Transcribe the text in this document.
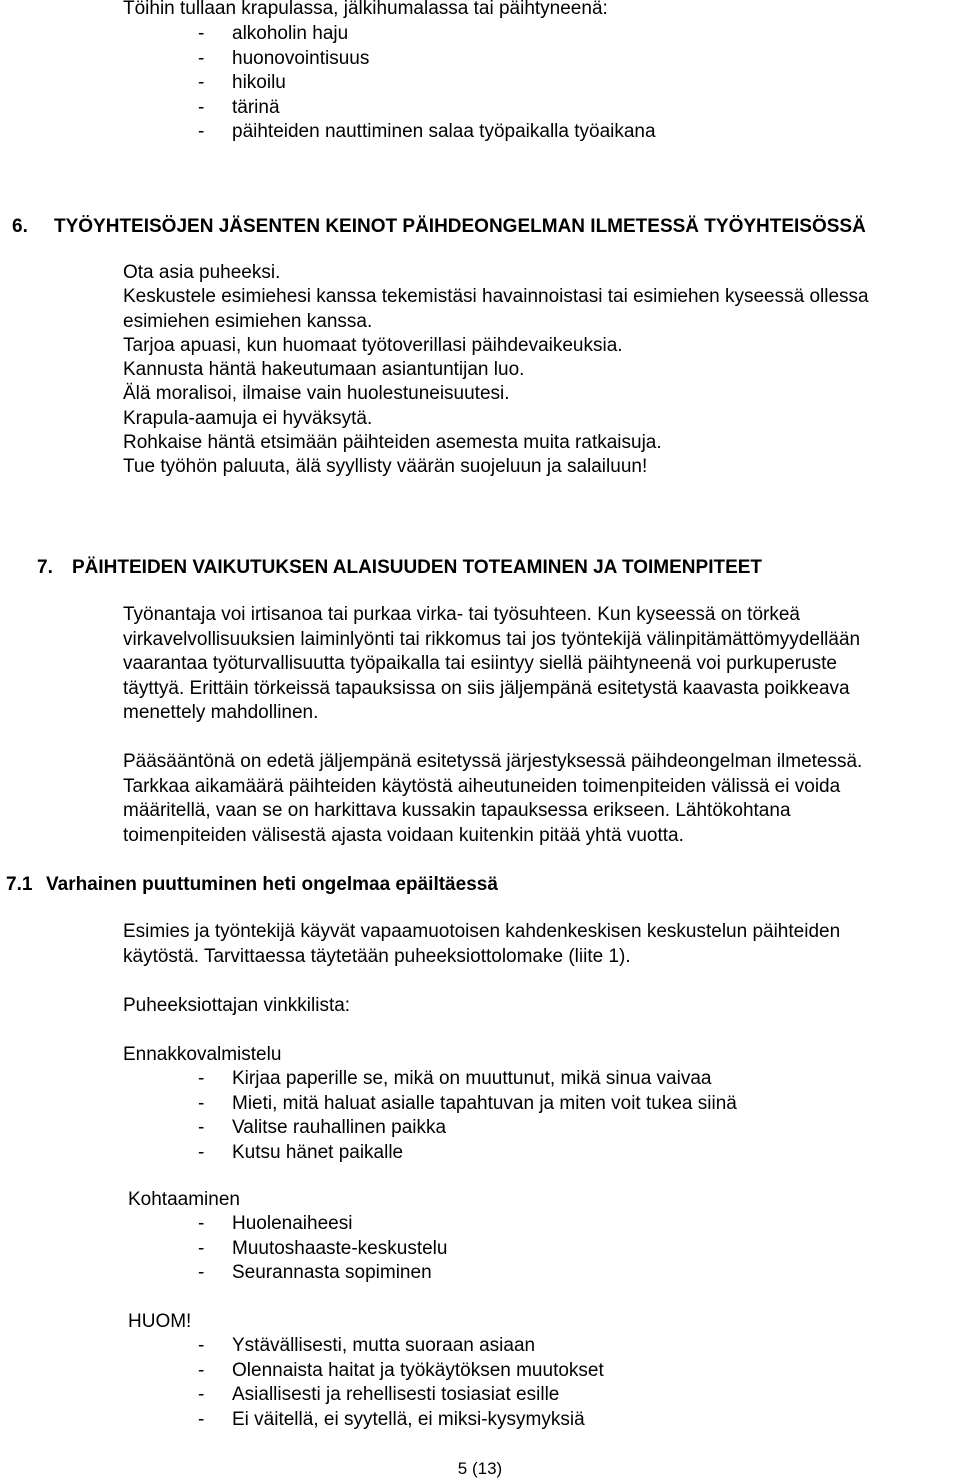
Töihin tullaan krapulassa, jälkihumalassa tai päihtyneenä:
- alkoholin haju
- huonovointisuus
- hikoilu
- tärinä
- päihteiden nauttiminen salaa työpaikalla työaikana
6. TYÖYHTEISÖJEN JÄSENTEN KEINOT PÄIHDEONGELMAN ILMETESSÄ TYÖYHTEISÖSSÄ
Ota asia puheeksi.
Keskustele esimiehesi kanssa tekemistäsi havainnoistasi tai esimiehen kyseessä ollessa
esimiehen esimiehen kanssa.
Tarjoa apuasi, kun huomaat työtoverillasi päihdevaikeuksia.
Kannusta häntä hakeutumaan asiantuntijan luo.
Älä moralisoi, ilmaise vain huolestuneisuutesi.
Krapula-aamuja ei hyväksytä.
Rohkaise häntä etsimään päihteiden asemesta muita ratkaisuja.
Tue työhön paluuta, älä syyllisty väärän suojeluun ja salailuun!
7. PÄIHTEIDEN VAIKUTUKSEN ALAISUUDEN TOTEAMINEN JA TOIMENPITEET
Työnantaja voi irtisanoa tai purkaa virka- tai työsuhteen. Kun kyseessä on törkeä
virkavelvollisuuksien laiminlyönti tai rikkomus tai jos työntekijä välinpitämättömyydellään
vaarantaa työturvallisuutta työpaikalla tai esiintyy siellä päihtyneenä voi purkuperuste
täyttyä. Erittäin törkeissä tapauksissa on siis jäljempänä esitetystä kaavasta poikkeava
menettely mahdollinen.
Pääsääntönä on edetä jäljempänä esitetyssä järjestyksessä päihdeongelman ilmetessä.
Tarkkaa aikamäärä päihteiden käytöstä aiheutuneiden toimenpiteiden välissä ei voida
määritellä, vaan se on harkittava kussakin tapauksessa erikseen. Lähtökohtana
toimenpiteiden välisestä ajasta voidaan kuitenkin pitää yhtä vuotta.
7.1 Varhainen puuttuminen heti ongelmaa epäiltäessä
Esimies ja työntekijä käyvät vapaamuotoisen kahdenkeskisen keskustelun päihteiden
käytöstä. Tarvittaessa täytetään puheeksiottolomake (liite 1).
Puheeksiottajan vinkkilista:
Ennakkovalmistelu
- Kirjaa paperille se, mikä on muuttunut, mikä sinua vaivaa
- Mieti, mitä haluat asialle tapahtuvan ja miten voit tukea siinä
- Valitse rauhallinen paikka
- Kutsu hänet paikalle
Kohtaaminen
- Huolenaiheesi
- Muutoshaaste-keskustelu
- Seurannasta sopiminen
HUOM!
- Ystävällisesti, mutta suoraan asiaan
- Olennaista haitat ja työkäytöksen muutokset
- Asiallisesti ja rehellisesti tosiasiat esille
- Ei väitellä, ei syytellä, ei miksi-kysymyksiä
5 (13)
